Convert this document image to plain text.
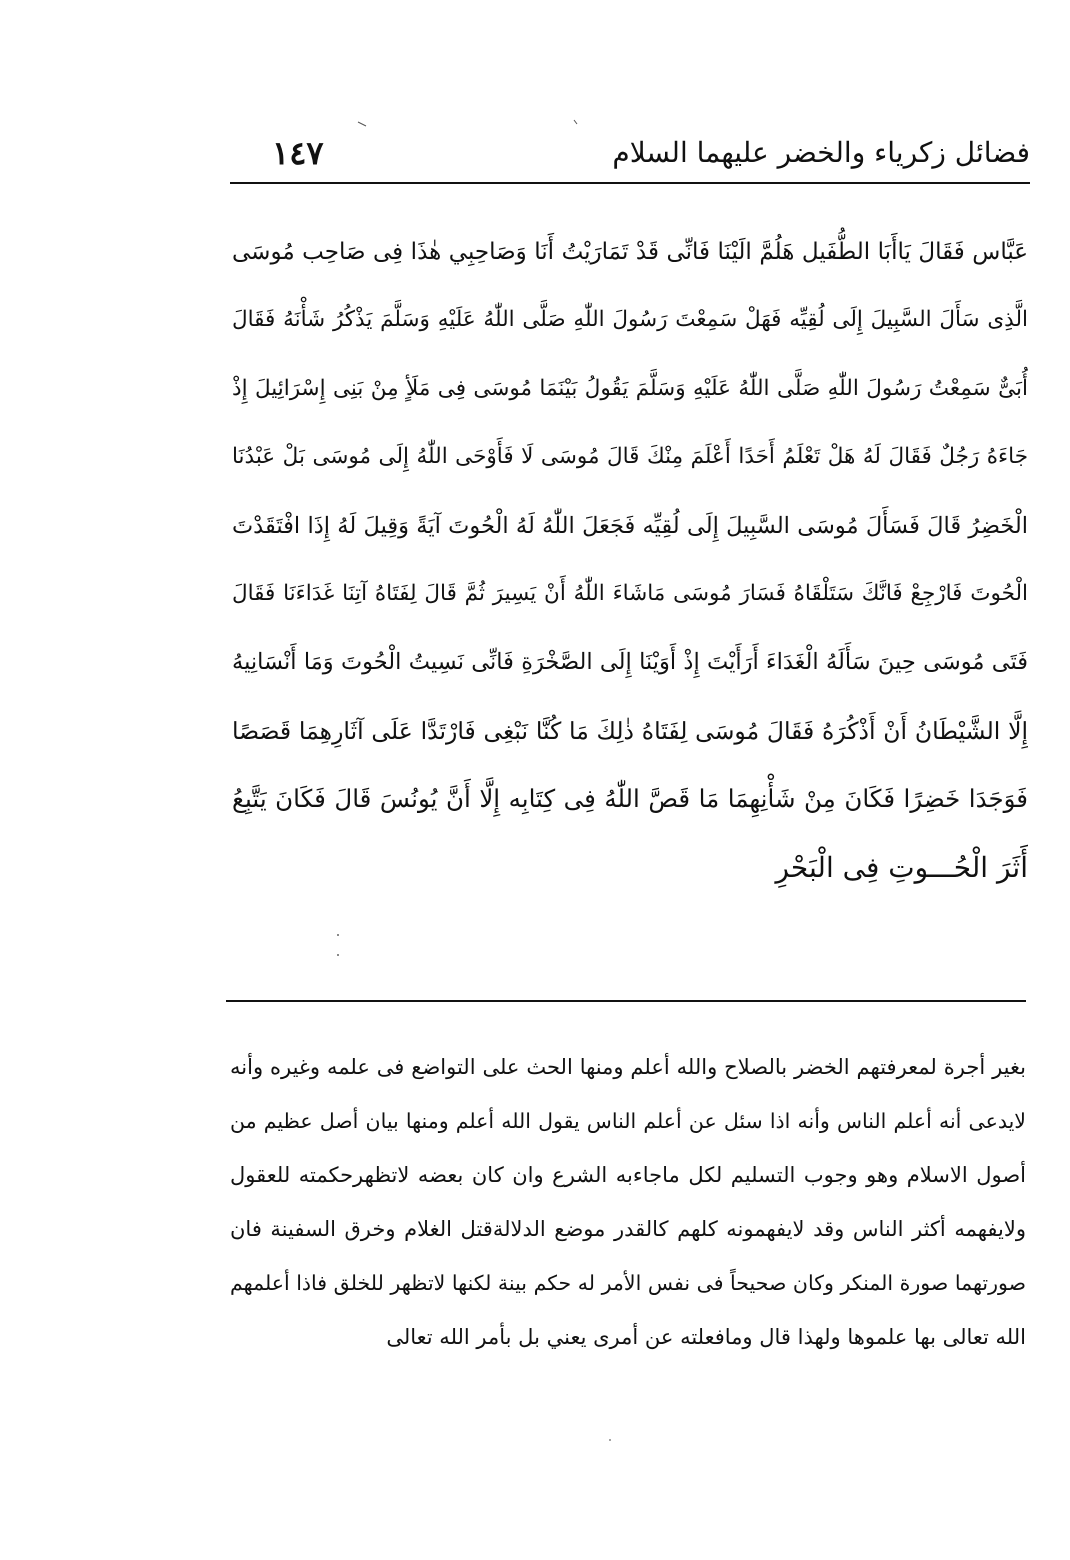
فضائل زكرياء والخضر عليهما السلام
١٤٧
عَبَّاس فَقَالَ يَاأَبَا الطُّفَيل هَلُمَّ الَيْنَا فَانِّى قَدْ تَمَارَيْتُ أَنَا وَصَاحِبِي هٰذَا فِى صَاحِب مُوسَى
الَّذِى سَأَلَ السَّبِيلَ إِلَى لُقِيِّه فَهَلْ سَمِعْتَ رَسُولَ اللّٰهِ صَلَّى اللّٰهُ عَلَيْهِ وَسَلَّمَ يَذْكُرُ شَأْنَهُ فَقَالَ
أُبَىٌّ سَمِعْتُ رَسُولَ اللّٰهِ صَلَّى اللّٰهُ عَلَيْهِ وَسَلَّمَ يَقُولُ بَيْنَمَا مُوسَى فِى مَلَأٍ مِنْ بَنِى إِسْرَائِيلَ إِذْ
جَاءَهُ رَجُلٌ فَقَالَ لَهُ هَلْ تَعْلَمُ أَحَدًا أَعْلَمَ مِنْكَ قَالَ مُوسَى لَا فَأَوْحَى اللّٰهُ إِلَى مُوسَى بَلْ عَبْدُنَا
الْخَضِرُ قَالَ فَسَأَلَ مُوسَى السَّبِيلَ إِلَى لُقِيِّه فَجَعَلَ اللّٰهُ لَهُ الْحُوتَ آيَةً وَقِيلَ لَهُ إِذَا افْتَقَدْتَ
الْحُوتَ فَارْجِعْ فَانَّكَ سَتَلْقَاهُ فَسَارَ مُوسَى مَاشَاءَ اللّٰهُ أَنْ يَسِيرَ ثُمَّ قَالَ لِفَتَاهُ آتِنَا غَدَاءَنَا فَقَالَ
فَتَى مُوسَى حِينَ سَأَلَهُ الْغَدَاءَ أَرَأَيْتَ إِذْ أَوَيْنَا إِلَى الصَّخْرَةِ فَانِّى نَسِيتُ الْحُوتَ وَمَا أَنْسَانِيهُ
إِلَّا الشَّيْطَانُ أَنْ أَذْكُرَهُ فَقَالَ مُوسَى لِفَتَاهُ ذٰلِكَ مَا كُنَّا نَبْغِى فَارْتَدَّا عَلَى آثَارِهِمَا قَصَصًا
فَوَجَدَا خَضِرًا فَكَانَ مِنْ شَأْنِهِمَا مَا قَصَّ اللّٰهُ فِى كِتَابِه إِلَّا أَنَّ يُونُسَ قَالَ فَكَانَ يَتَّبِعُ
أَثَرَ الْحُـــوتِ فِى الْبَحْرِ
بغير أجرة لمعرفتهم الخضر بالصلاح والله أعلم ومنها الحث على التواضع فى علمه وغيره وأنه
لايدعى أنه أعلم الناس وأنه اذا سئل عن أعلم الناس يقول الله أعلم ومنها بيان أصل عظيم من
أصول الاسلام وهو وجوب التسليم لكل ماجاءبه الشرع وان كان بعضه لاتظهرحكمته للعقول
ولايفهمه أكثر الناس وقد لايفهمونه كلهم كالقدر موضع الدلالةقتل الغلام وخرق السفينة فان
صورتهما صورة المنكر وكان صحيحاً فى نفس الأمر له حكم بينة لكنها لاتظهر للخلق فاذا أعلمهم
الله تعالى بها علموها ولهذا قال ومافعلته عن أمرى يعني بل بأمر الله تعالى
